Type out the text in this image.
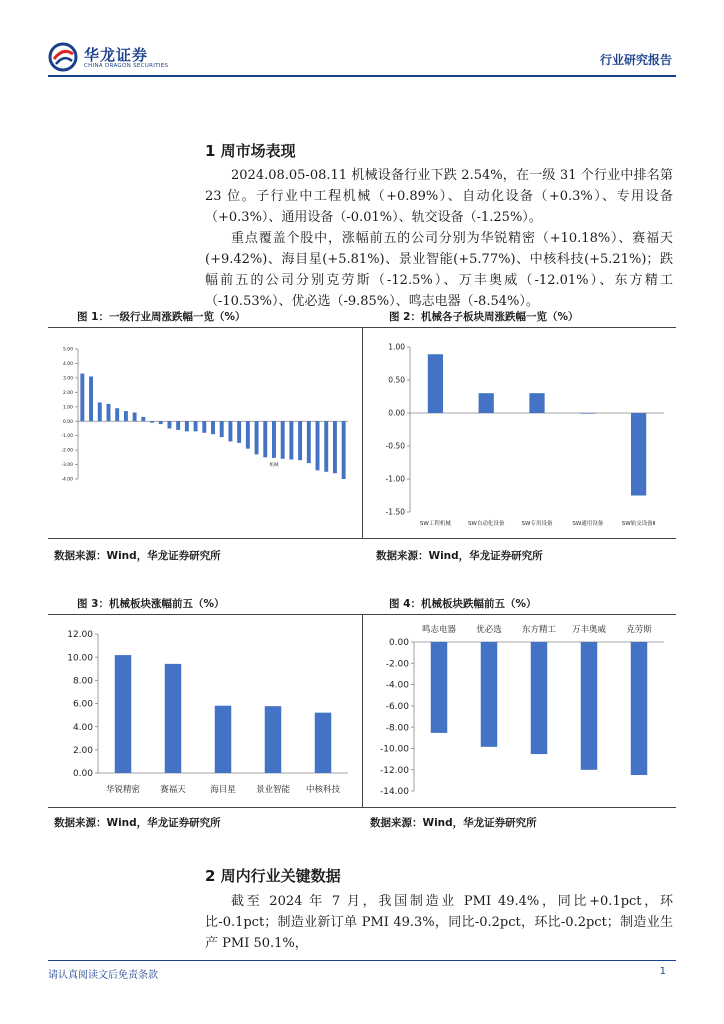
华龙证券
CHINA DRAGON SECURITIES	行业研究报告
1 周市场表现

2024.08.05-08.11 机械设备行业下跌 2.54%，在一级 31 个行业中排名第 23 位。子行业中工程机械（+0.89%）、自动化设备（+0.3%）、专用设备（+0.3%）、通用设备（-0.01%）、轨交设备（-1.25%）。

重点覆盖个股中，涨幅前五的公司分别为华锐精密（+10.18%）、赛福天(+9.42%)、海目星(+5.81%)、景业智能(+5.77%)、中核科技(+5.21%)；跌幅前五的公司分别克劳斯（-12.5%）、万丰奥威（-12.01%）、东方精工（-10.53%）、优必选（-9.85%）、鸣志电器（-8.54%）。

图 1：一级行业周涨跌幅一览（%）	图 2：机械各子板块周涨跌幅一览（%）
5.00
4.00
3.00
2.00
1.00
0.00
-1.00
-2.00
-3.00
-4.00
机械
1.00
0.50
0.00
-0.50
-1.00
-1.50
SW工程机械	SW自动化设备	SW专用设备	SW通用设备	SW轨交设备Ⅱ
数据来源：Wind，华龙证券研究所	数据来源：Wind，华龙证券研究所
图 3：机械板块涨幅前五（%）	图 4：机械板块跌幅前五（%）
12.00
10.00
8.00
6.00
4.00
2.00
0.00
华锐精密 赛福天	海目星 景业智能 中核科技
0.00
-2.00
-4.00
-6.00
-8.00
-10.00
-12.00
-14.00
鸣志电器 优必选 东方精工 万丰奥威 克劳斯
数据来源：Wind，华龙证券研究所	数据来源：Wind，华龙证券研究所
2 周内行业关键数据

截至 2024 年 7 月，我国制造业 PMI 49.4%，同比+0.1pct，环比-0.1pct；制造业新订单 PMI 49.3%，同比-0.2pct，环比-0.2pct；制造业生产 PMI 50.1%，

请认真阅读文后免责条款	1
